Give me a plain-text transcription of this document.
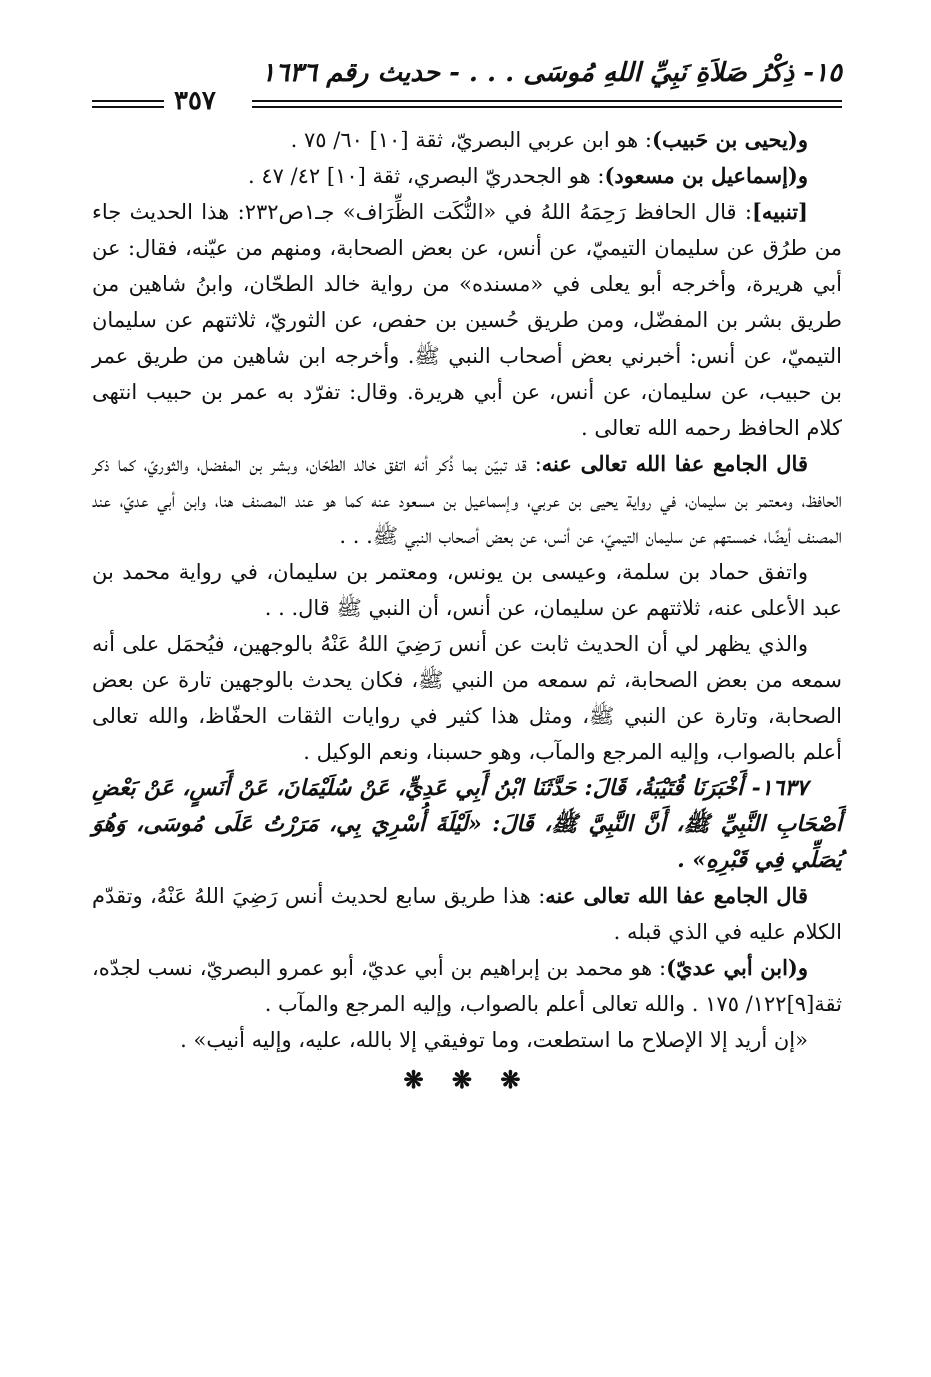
١٥- ذِكْرُ صَلاَةِ نَبِيِّ اللهِ مُوسَى . . . - حديث رقم ١٦٣٦
٣٥٧

و(يحيى بن حَبيب): هو ابن عربي البصريّ، ثقة [١٠] ٦٠/ ٧٥ .

و(إسماعيل بن مسعود): هو الجحدريّ البصري، ثقة [١٠] ٤٢/ ٤٧ .

[تنبيه]: قال الحافظ رَحِمَهُ اللهُ في «النُّكَت الظِّرَاف» جـ١ص٢٣٢: هذا الحديث جاء من طرُق عن سليمان التيميّ، عن أنس، عن بعض الصحابة، ومنهم من عيّنه، فقال: عن أبي هريرة، وأخرجه أبو يعلى في «مسنده» من رواية خالد الطحّان، وابنُ شاهين من طريق بشر بن المفضّل، ومن طريق حُسين بن حفص، عن الثوريّ، ثلاثتهم عن سليمان التيميّ، عن أنس: أخبرني بعض أصحاب النبي ﷺ. وأخرجه ابن شاهين من طريق عمر بن حبيب، عن سليمان، عن أنس، عن أبي هريرة. وقال: تفرّد به عمر بن حبيب انتهى كلام الحافظ رحمه الله تعالى .

قال الجامع عفا الله تعالى عنه: قد تبيّن بما ذُكر أنه اتفق خالد الطحّان، وبشر بن المفضل، والثوريّ، كما ذكر الحافظ، ومعتمر بن سليمان، في رواية يحيى بن عربي، وإسماعيل بن مسعود عنه كما هو عند المصنف هنا، وابن أبي عديّ، عند المصنف أيضًا، خمستهم عن سليمان التيميّ، عن أنس، عن بعض أصحاب النبي ﷺ. . .

واتفق حماد بن سلمة، وعيسى بن يونس، ومعتمر بن سليمان، في رواية محمد بن عبد الأعلى عنه، ثلاثتهم عن سليمان، عن أنس، أن النبي ﷺ قال. . .

والذي يظهر لي أن الحديث ثابت عن أنس رَضِيَ اللهُ عَنْهُ بالوجهين، فيُحمَل على أنه سمعه من بعض الصحابة، ثم سمعه من النبي ﷺ، فكان يحدث بالوجهين تارة عن بعض الصحابة، وتارة عن النبي ﷺ، ومثل هذا كثير في روايات الثقات الحفّاظ، والله تعالى أعلم بالصواب، وإليه المرجع والمآب، وهو حسبنا، ونعم الوكيل .

١٦٣٧- أَخْبَرَنَا قُتَيْبَةُ، قَالَ: حَدَّثَنَا ابْنُ أَبِي عَدِيٍّ، عَنْ سُلَيْمَانَ، عَنْ أَنَسٍ، عَنْ بَعْضِ أَصْحَابِ النَّبِيِّ ﷺ، أَنَّ النَّبِيَّ ﷺ، قَالَ: «لَيْلَةَ أُسْرِيَ بِي، مَرَرْتُ عَلَى مُوسَى، وَهُوَ يُصَلِّي فِي قَبْرِهِ» .

قال الجامع عفا الله تعالى عنه: هذا طريق سابع لحديث أنس رَضِيَ اللهُ عَنْهُ، وتقدّم الكلام عليه في الذي قبله .

و(ابن أبي عديّ): هو محمد بن إبراهيم بن أبي عديّ، أبو عمرو البصريّ، نسب لجدّه، ثقة[٩]١٢٢/ ١٧٥ . والله تعالى أعلم بالصواب، وإليه المرجع والمآب .

«إن أريد إلا الإصلاح ما استطعت، وما توفيقي إلا بالله، عليه، وإليه أنيب» .

❋ ❋ ❋
